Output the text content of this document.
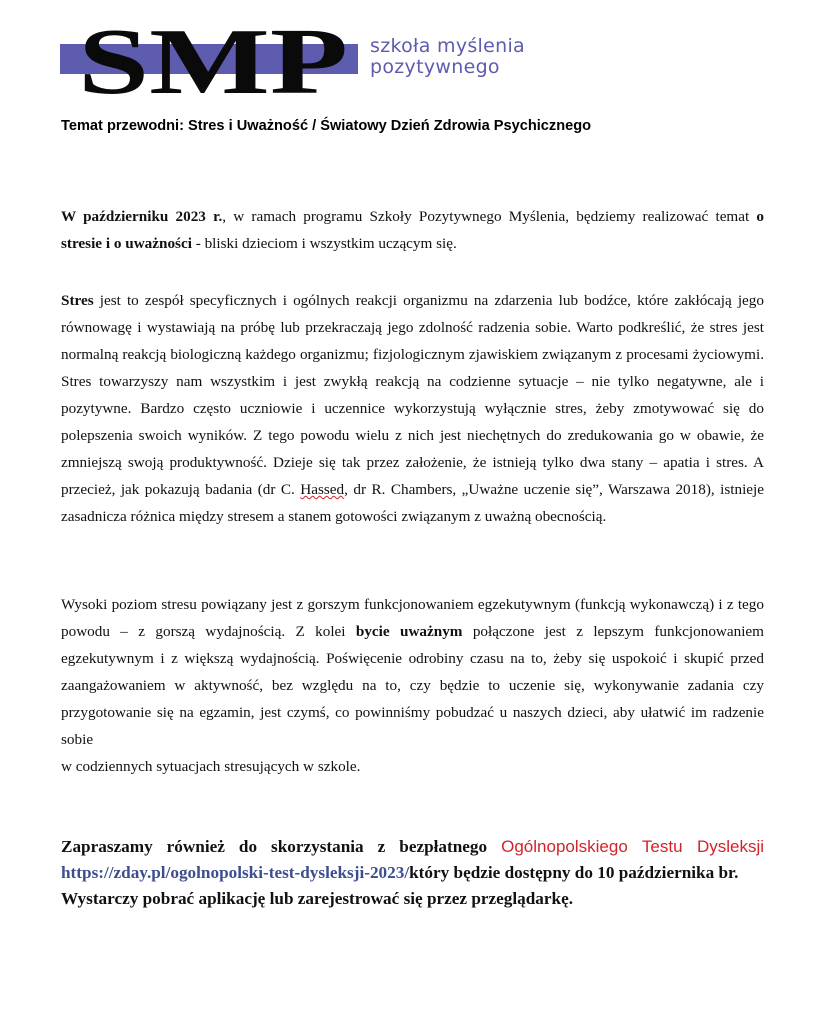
SMP szkoła myślenia
pozytywnego
Temat przewodni: Stres i Uważność / Światowy Dzień Zdrowia Psychicznego
W październiku 2023 r., w ramach programu Szkoły Pozytywnego Myślenia, będziemy realizować temat o stresie i o uważności - bliski dzieciom i wszystkim uczącym się.
Stres jest to zespół specyficznych i ogólnych reakcji organizmu na zdarzenia lub bodźce, które zakłócają jego równowagę i wystawiają na próbę lub przekraczają jego zdolność radzenia sobie. Warto podkreślić, że stres jest normalną reakcją biologiczną każdego organizmu; fizjologicznym zjawiskiem związanym z procesami życiowymi. Stres towarzyszy nam wszystkim i jest zwykłą reakcją na codzienne sytuacje – nie tylko negatywne, ale i pozytywne. Bardzo często uczniowie i uczennice wykorzystują wyłącznie stres, żeby zmotywować się do polepszenia swoich wyników. Z tego powodu wielu z nich jest niechętnych do zredukowania go w obawie, że zmniejszą swoją produktywność. Dzieje się tak przez założenie, że istnieją tylko dwa stany – apatia i stres. A przecież, jak pokazują badania (dr C. Hassed, dr R. Chambers, „Uważne uczenie się”, Warszawa 2018), istnieje zasadnicza różnica między stresem a stanem gotowości związanym z uważną obecnością.
Wysoki poziom stresu powiązany jest z gorszym funkcjonowaniem egzekutywnym (funkcją wykonawczą) i z tego powodu – z gorszą wydajnością. Z kolei bycie uważnym połączone jest z lepszym funkcjonowaniem egzekutywnym i z większą wydajnością. Poświęcenie odrobiny czasu na to, żeby się uspokoić i skupić przed zaangażowaniem w aktywność, bez względu na to, czy będzie to uczenie się, wykonywanie zadania czy przygotowanie się na egzamin, jest czymś, co powinniśmy pobudzać u naszych dzieci, aby ułatwić im radzenie sobie
w codziennych sytuacjach stresujących w szkole.
Zapraszamy również do skorzystania z bezpłatnego Ogólnopolskiego Testu Dysleksji https://zday.pl/ogolnopolski-test-dysleksji-2023/który będzie dostępny do 10 października br.
Wystarczy pobrać aplikację lub zarejestrować się przez przeglądarkę.
